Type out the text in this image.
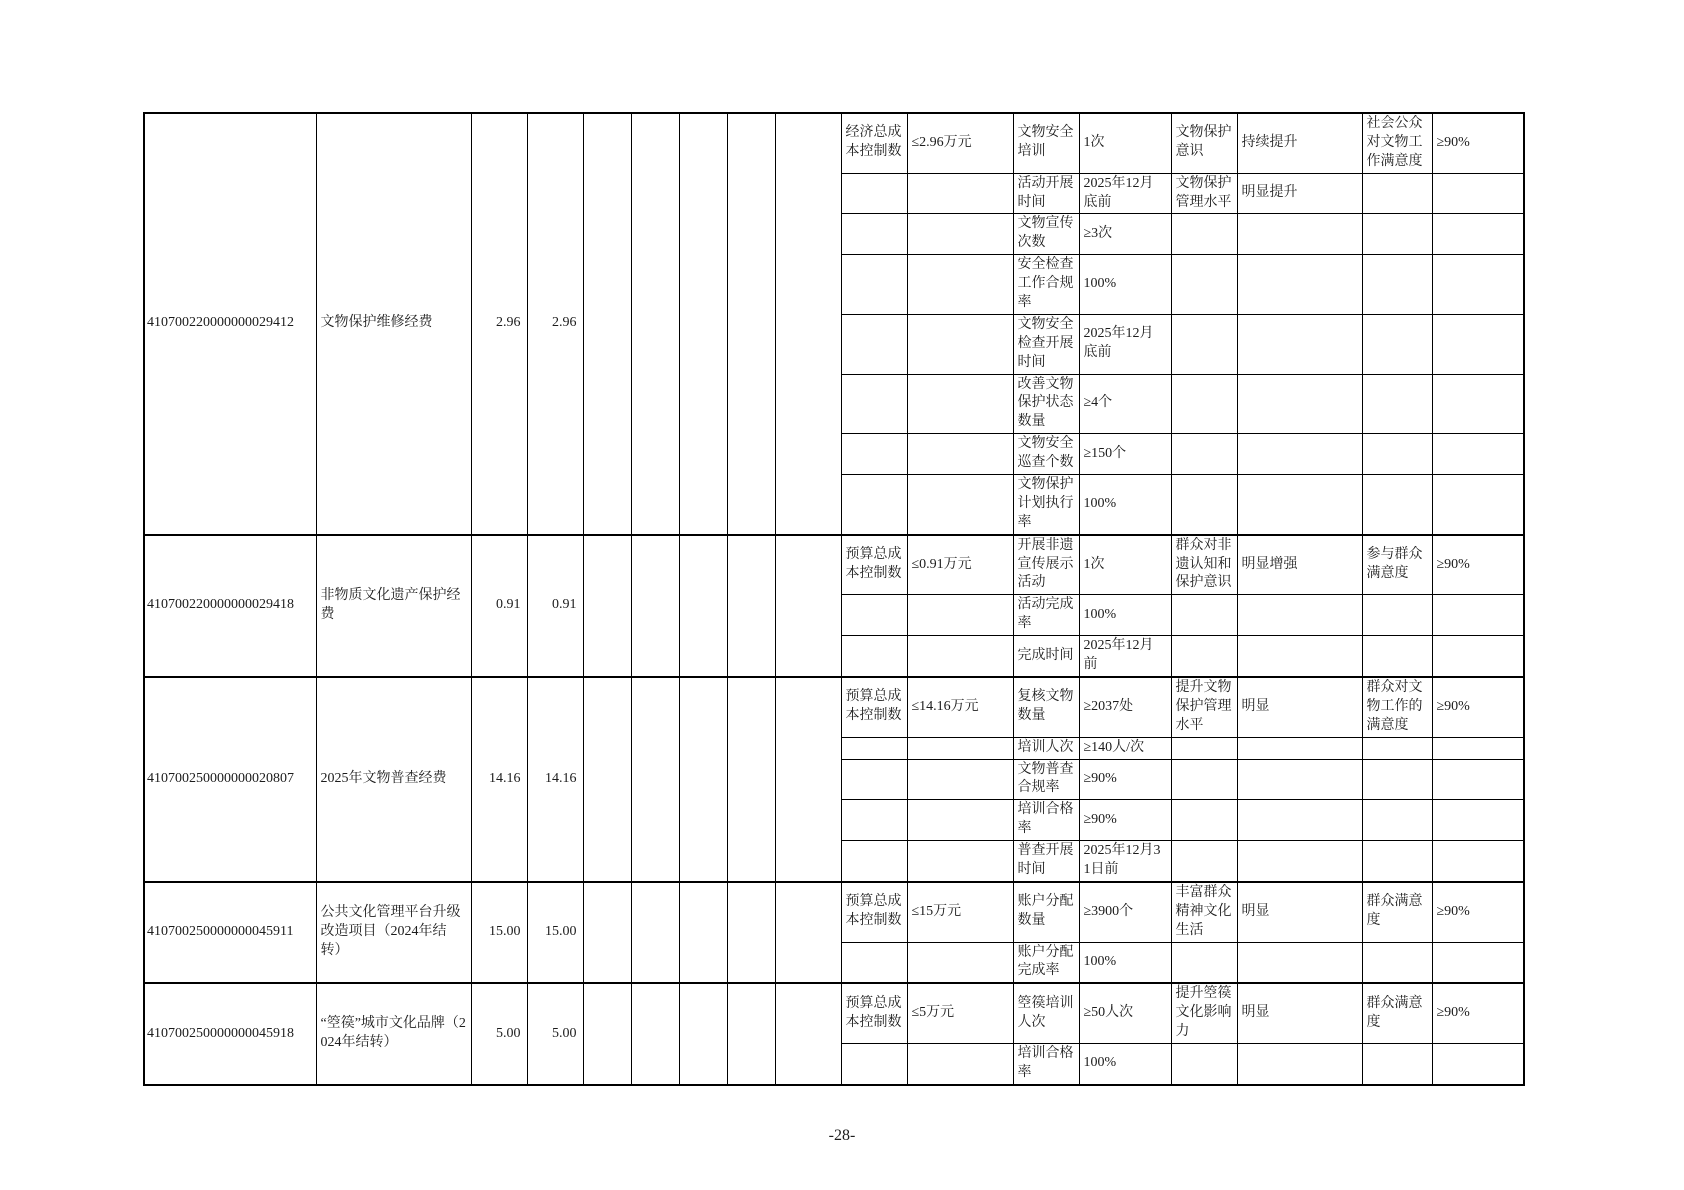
410700220000000029412	文物保护维修经费	2.96	2.96						经济总成本控制数	≤2.96万元	文物安全培训	1次	文物保护意识	持续提升	社会公众对文物工作满意度	≥90%
											活动开展时间	2025年12月底前	文物保护管理水平	明显提升		
											文物宣传次数	≥3次				
											安全检查工作合规率	100%				
											文物安全检查开展时间	2025年12月底前				
											改善文物保护状态数量	≥4个				
											文物安全巡查个数	≥150个				
											文物保护计划执行率	100%				
410700220000000029418	非物质文化遗产保护经费	0.91	0.91						预算总成本控制数	≤0.91万元	开展非遗宣传展示活动	1次	群众对非遗认知和保护意识	明显增强	参与群众满意度	≥90%
											活动完成率	100%				
											完成时间	2025年12月前				
410700250000000020807	2025年文物普查经费	14.16	14.16						预算总成本控制数	≤14.16万元	复核文物数量	≥2037处	提升文物保护管理水平	明显	群众对文物工作的满意度	≥90%
											培训人次	≥140人/次				
											文物普查合规率	≥90%				
											培训合格率	≥90%				
											普查开展时间	2025年12月31日前				
410700250000000045911	公共文化管理平台升级改造项目（2024年结转）	15.00	15.00						预算总成本控制数	≤15万元	账户分配数量	≥3900个	丰富群众精神文化生活	明显	群众满意度	≥90%
											账户分配完成率	100%				
410700250000000045918	“箜篌”城市文化品牌（2024年结转）	5.00	5.00						预算总成本控制数	≤5万元	箜篌培训人次	≥50人次	提升箜篌文化影响力	明显	群众满意度	≥90%
											培训合格率	100%				
-28-
